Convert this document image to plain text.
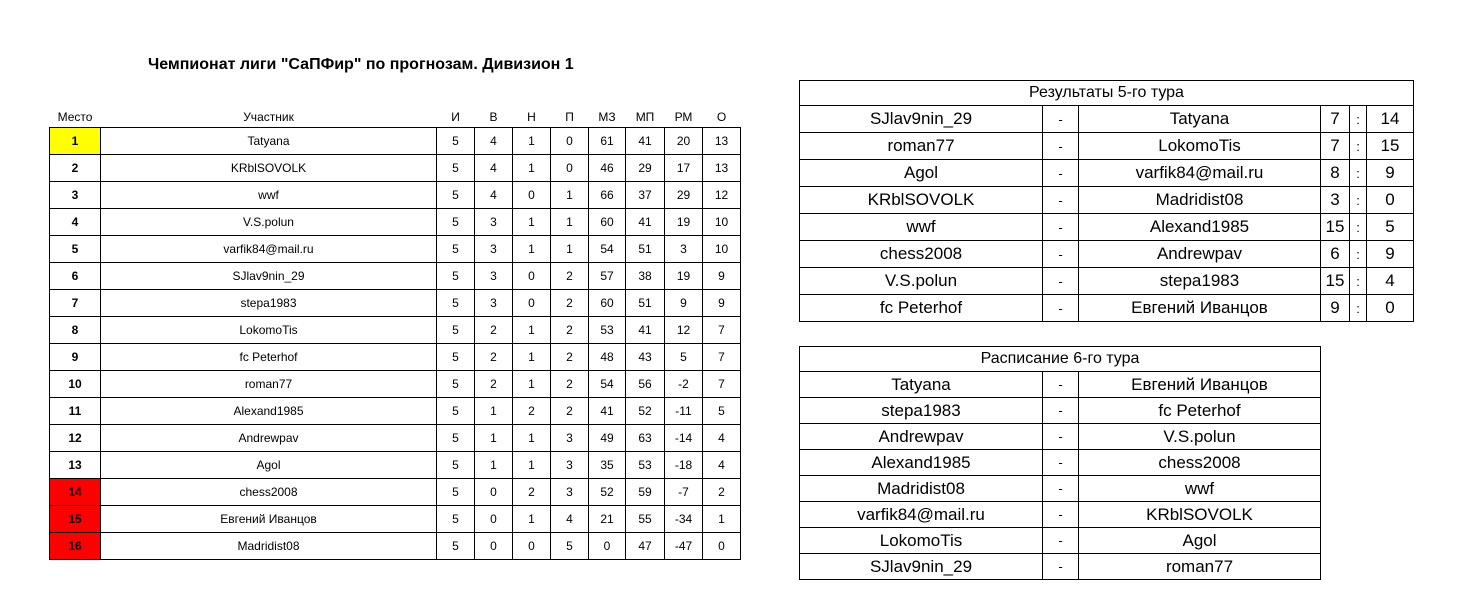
Чемпионат лиги "СаПФир" по прогнозам. Дивизион 1
Место	Участник	И	В	Н	П	МЗ	МП	РМ	О
1	Tatyana	5	4	1	0	61	41	20	13
2	KRblSOVOLK	5	4	1	0	46	29	17	13
3	wwf	5	4	0	1	66	37	29	12
4	V.S.polun	5	3	1	1	60	41	19	10
5	varfik84@mail.ru	5	3	1	1	54	51	3	10
6	SJlav9nin_29	5	3	0	2	57	38	19	9
7	stepa1983	5	3	0	2	60	51	9	9
8	LokomoTis	5	2	1	2	53	41	12	7
9	fc Peterhof	5	2	1	2	48	43	5	7
10	roman77	5	2	1	2	54	56	-2	7
11	Alexand1985	5	1	2	2	41	52	-11	5
12	Andrewpav	5	1	1	3	49	63	-14	4
13	Agol	5	1	1	3	35	53	-18	4
14	chess2008	5	0	2	3	52	59	-7	2
15	Евгений Иванцов	5	0	1	4	21	55	-34	1
16	Madridist08	5	0	0	5	0	47	-47	0
Результаты 5-го тура					
SJlav9nin_29	-	Tatyana	7	:	14
roman77	-	LokomoTis	7	:	15
Agol	-	varfik84@mail.ru	8	:	9
KRblSOVOLK	-	Madridist08	3	:	0
wwf	-	Alexand1985	15	:	5
chess2008	-	Andrewpav	6	:	9
V.S.polun	-	stepa1983	15	:	4
fc Peterhof	-	Евгений Иванцов	9	:	0
Расписание 6-го тура		
Tatyana	-	Евгений Иванцов
stepa1983	-	fc Peterhof
Andrewpav	-	V.S.polun
Alexand1985	-	chess2008
Madridist08	-	wwf
varfik84@mail.ru	-	KRblSOVOLK
LokomoTis	-	Agol
SJlav9nin_29	-	roman77
